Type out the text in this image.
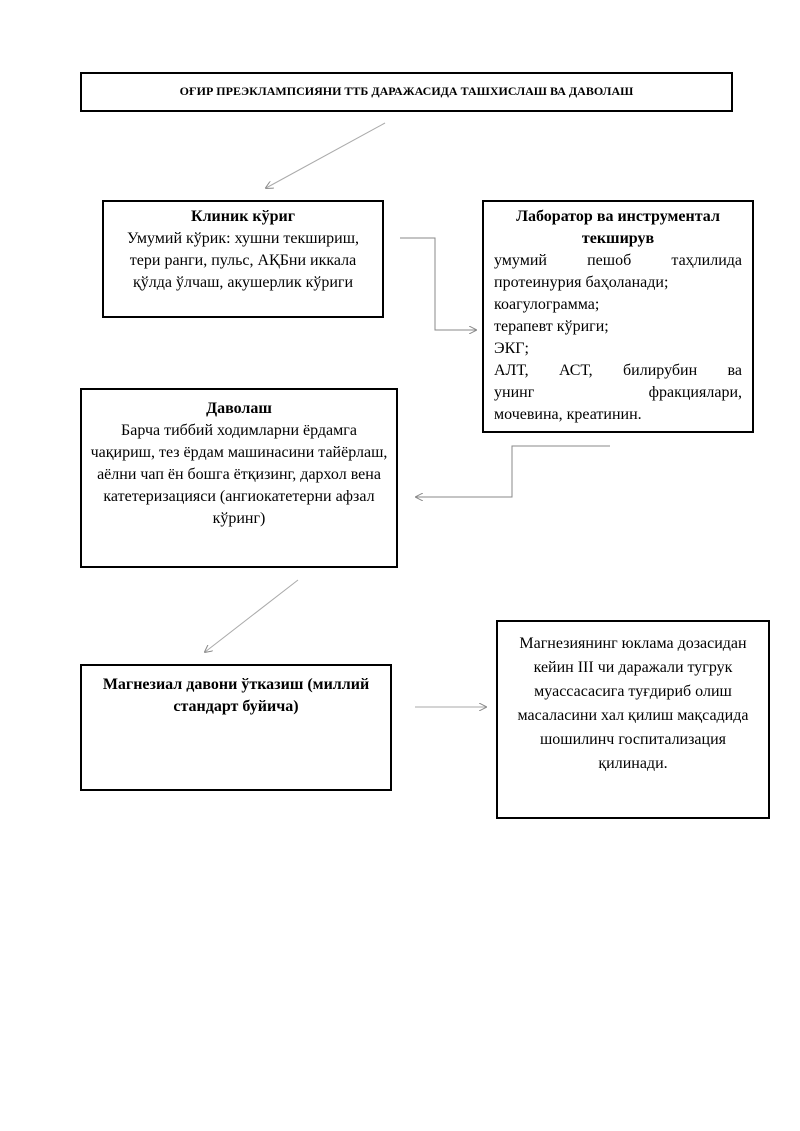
ОҒИР ПРЕЭКЛАМПСИЯНИ ТТБ ДАРАЖАСИДА ТАШХИСЛАШ ВА ДАВОЛАШ
Клиник кўриг
Умумий кўрик: хушни текшириш, тери ранги, пульс, АҚБни иккала қўлда ўлчаш, акушерлик кўриги
Лаборатор ва инструментал текширув
умумий пешоб таҳлилида
протеинурия баҳоланади;
коагулограмма;
терапевт кўриги;
ЭКГ;
АЛТ, АСТ, билирубин ва
унинг фракциялари,
мочевина, креатинин.
Даволаш
Барча тиббий ходимларни ёрдамга чақириш, тез ёрдам машинасини тайёрлаш, аёлни чап ён бошга ётқизинг, дархол вена катетеризацияси (ангиокатетерни афзал кўринг)
Магнезиал давони ўтказиш (миллий стандарт буйича)
Магнезиянинг юклама дозасидан кейин III чи даражали тугрук муассасасига туғдириб олиш масаласини хал қилиш мақсадида шошилинч госпитализация қилинади.
